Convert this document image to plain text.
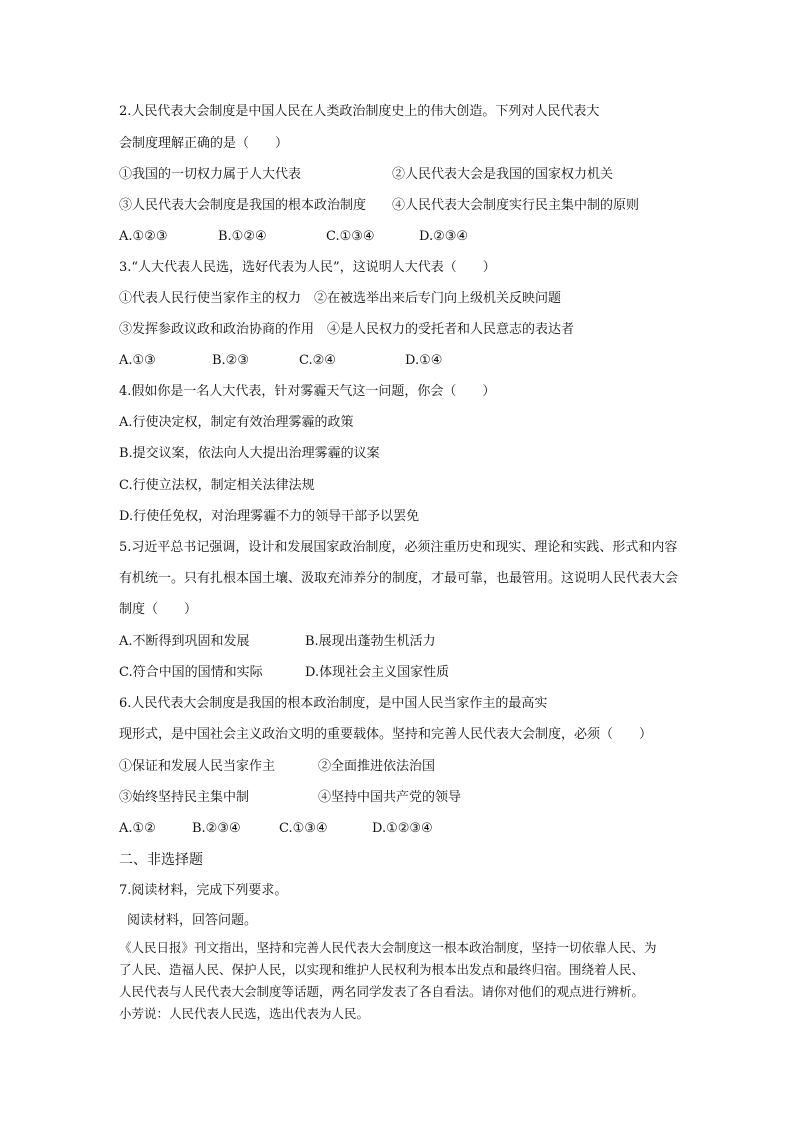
2.人民代表大会制度是中国人民在人类政治制度史上的伟大创造。下列对人民代表大
会制度理解正确的是（　　）
①我国的一切权力属于人大代表	②人民代表大会是我国的国家权力机关
③人民代表大会制度是我国的根本政治制度 ④人民代表大会制度实行民主集中制的原则
A.①②③	B.①②④	C.①③④	D.②③④
3.“人大代表人民选，选好代表为人民”，这说明人大代表（　　）
①代表人民行使当家作主的权力　②在被选举出来后专门向上级机关反映问题
③发挥参政议政和政治协商的作用　④是人民权力的受托者和人民意志的表达者
A.①③	B.②③	C.②④	D.①④
4.假如你是一名人大代表，针对雾霾天气这一问题，你会（　　）
A.行使决定权，制定有效治理雾霾的政策
B.提交议案，依法向人大提出治理雾霾的议案
C.行使立法权，制定相关法律法规
D.行使任免权，对治理雾霾不力的领导干部予以罢免
5.习近平总书记强调，设计和发展国家政治制度，必须注重历史和现实、理论和实践、形式和内容
有机统一。只有扎根本国土壤、汲取充沛养分的制度，才最可靠，也最管用。这说明人民代表大会
制度（　　）
A.不断得到巩固和发展	B.展现出蓬勃生机活力
C.符合中国的国情和实际	D.体现社会主义国家性质
6.人民代表大会制度是我国的根本政治制度，是中国人民当家作主的最高实
现形式，是中国社会主义政治文明的重要载体。坚持和完善人民代表大会制度，必须（　　）
①保证和发展人民当家作主	②全面推进依法治国
③始终坚持民主集中制	④坚持中国共产党的领导
A.①②	B.②③④	C.①③④	D.①②③④
二、非选择题
7.阅读材料，完成下列要求。
阅读材料，回答问题。
《人民日报》刊文指出，坚持和完善人民代表大会制度这一根本政治制度，坚持一切依靠人民、为
了人民、造福人民、保护人民，以实现和维护人民权利为根本出发点和最终归宿。围绕着人民、
人民代表与人民代表大会制度等话题，两名同学发表了各自看法。请你对他们的观点进行辨析。
小芳说：人民代表人民选，选出代表为人民。
